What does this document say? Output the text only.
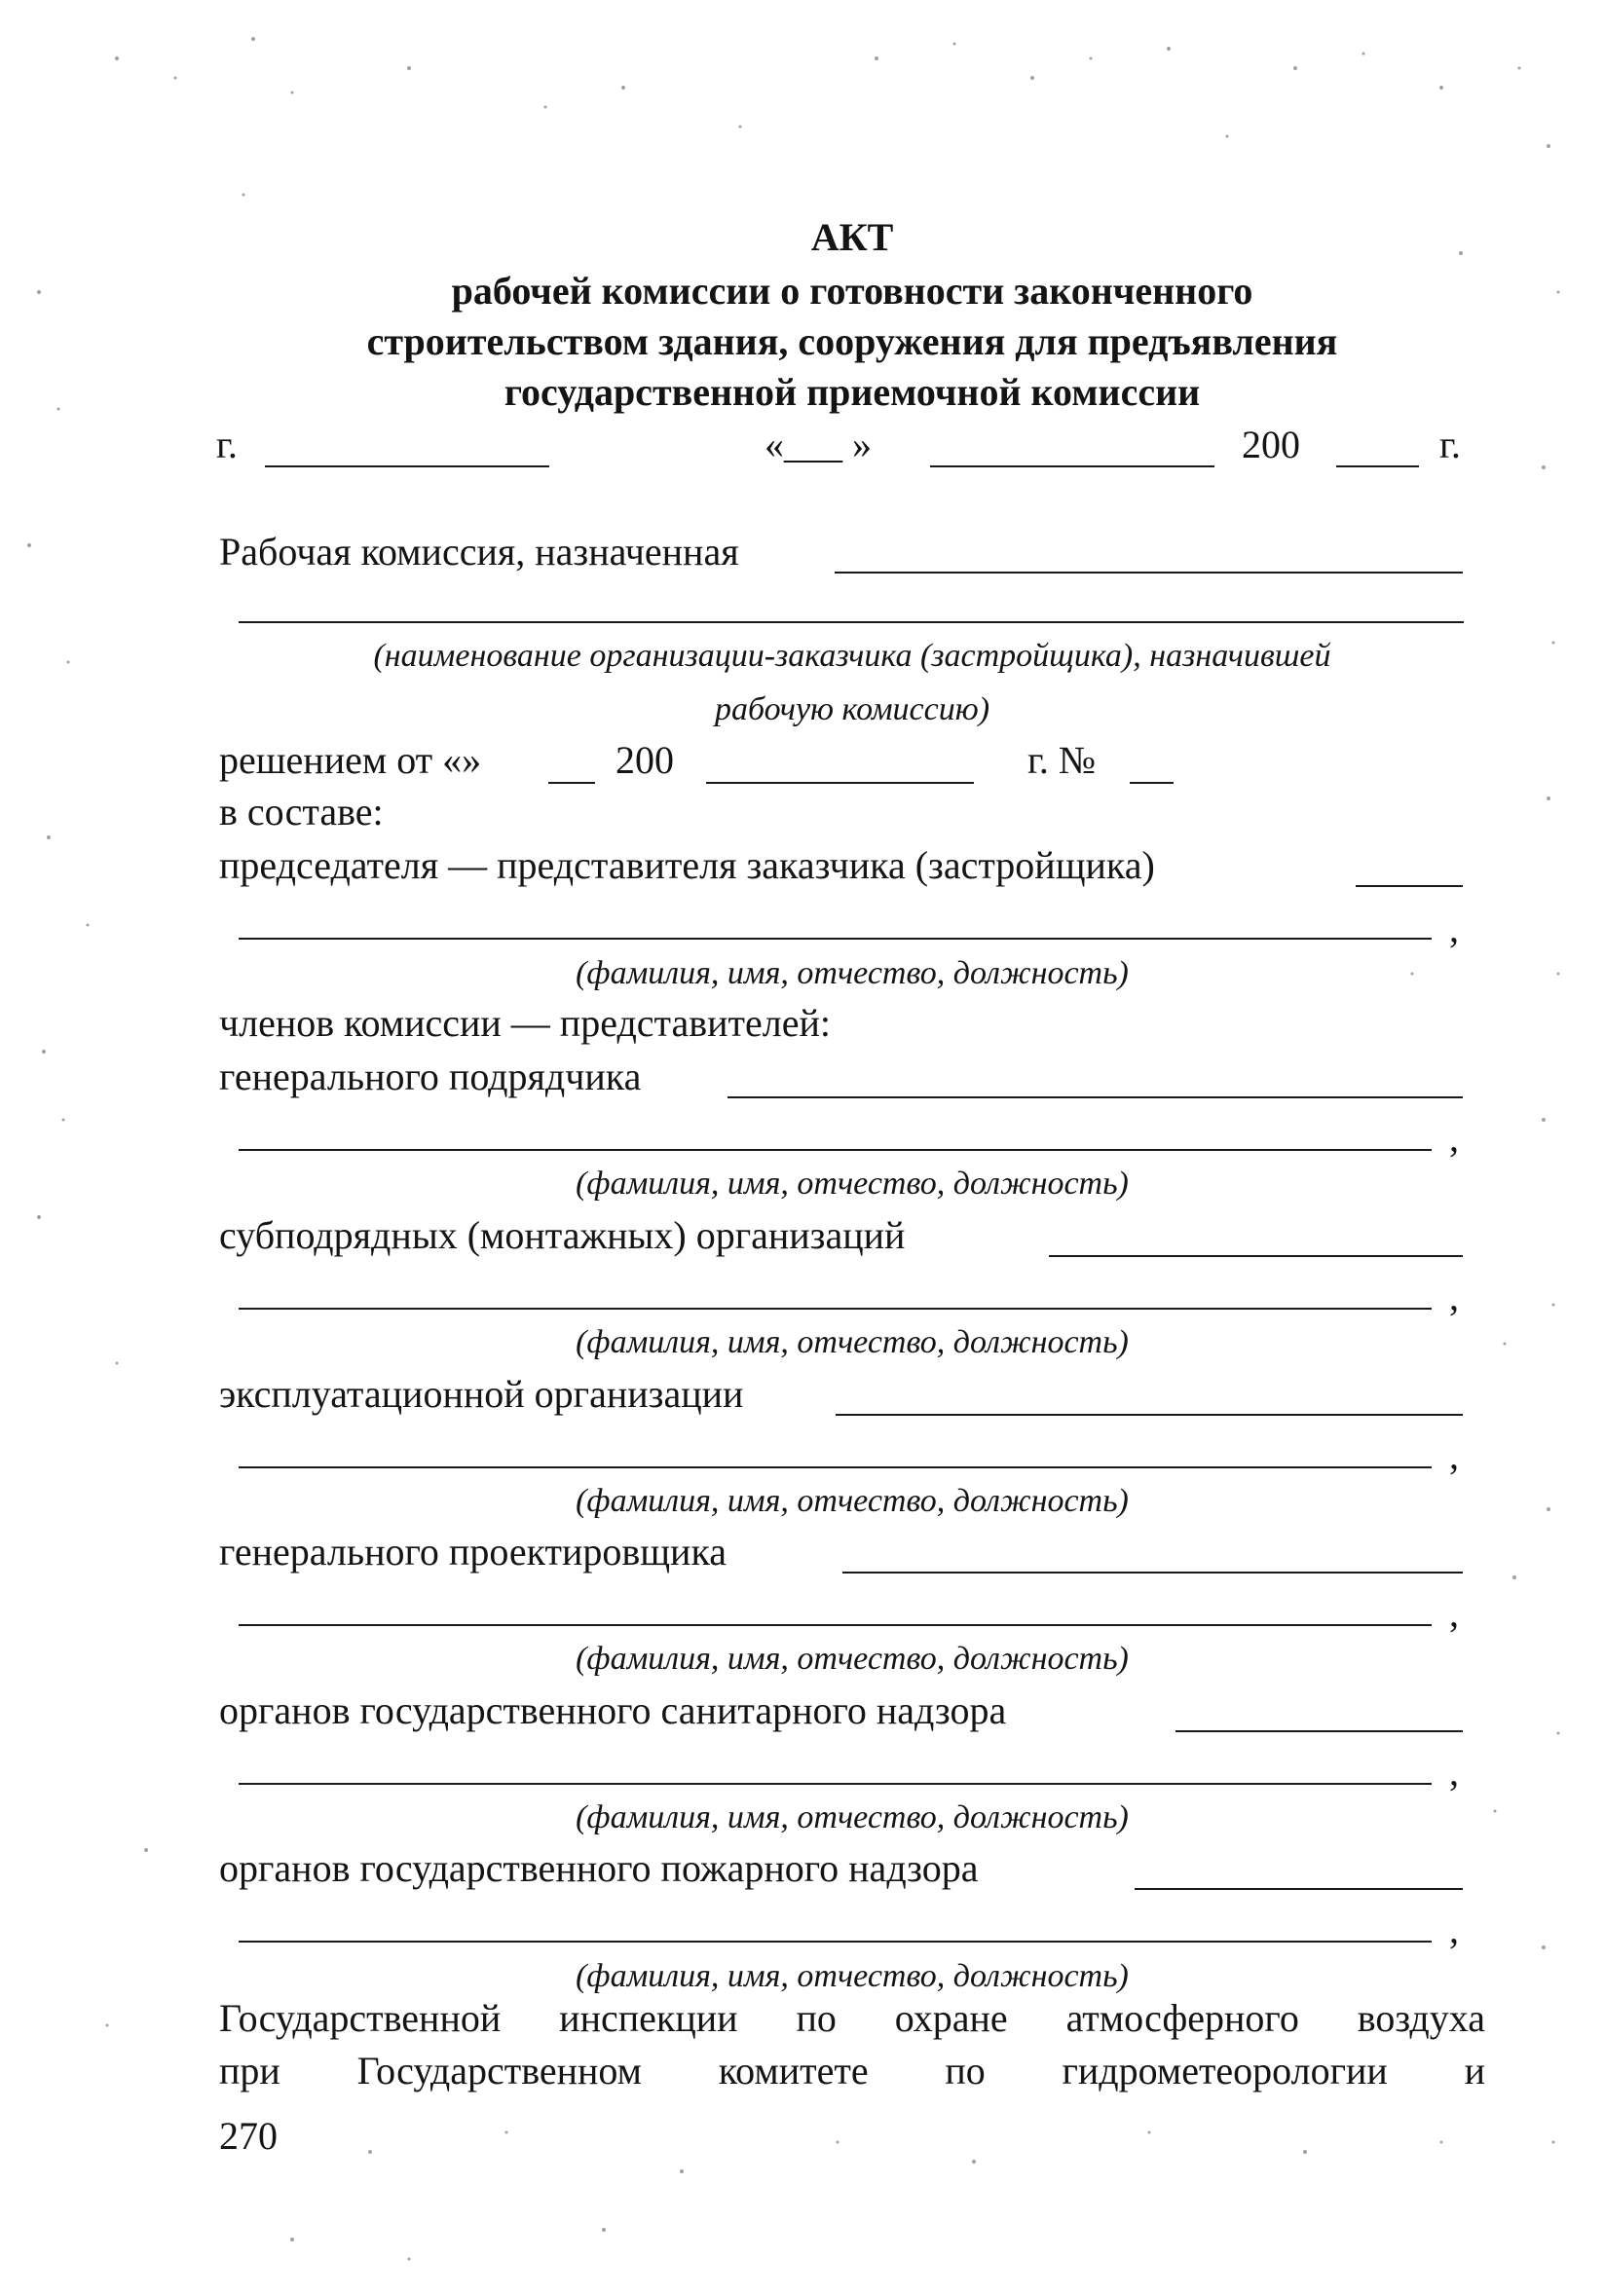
АКТ
рабочей комиссии о готовности законченного
строительством здания, сооружения для предъявления
государственной приемочной комиссии
г.	«___ »	200	г.
Рабочая комиссия, назначенная
(наименование организации-заказчика (застройщика), назначившей
рабочую комиссию)
решением от «»	200	г. №
в составе:
председателя — представителя заказчика (застройщика)
,
(фамилия, имя, отчество, должность)
членов комиссии — представителей:
генерального подрядчика
,
(фамилия, имя, отчество, должность)
субподрядных (монтажных) организаций
,
(фамилия, имя, отчество, должность)
эксплуатационной организации
,
(фамилия, имя, отчество, должность)
генерального проектировщика
,
(фамилия, имя, отчество, должность)
органов государственного санитарного надзора
,
(фамилия, имя, отчество, должность)
органов государственного пожарного надзора
,
(фамилия, имя, отчество, должность)
Государственной инспекции по охране атмосферного воздуха
при Государственном комитете по гидрометеорологии и
270
